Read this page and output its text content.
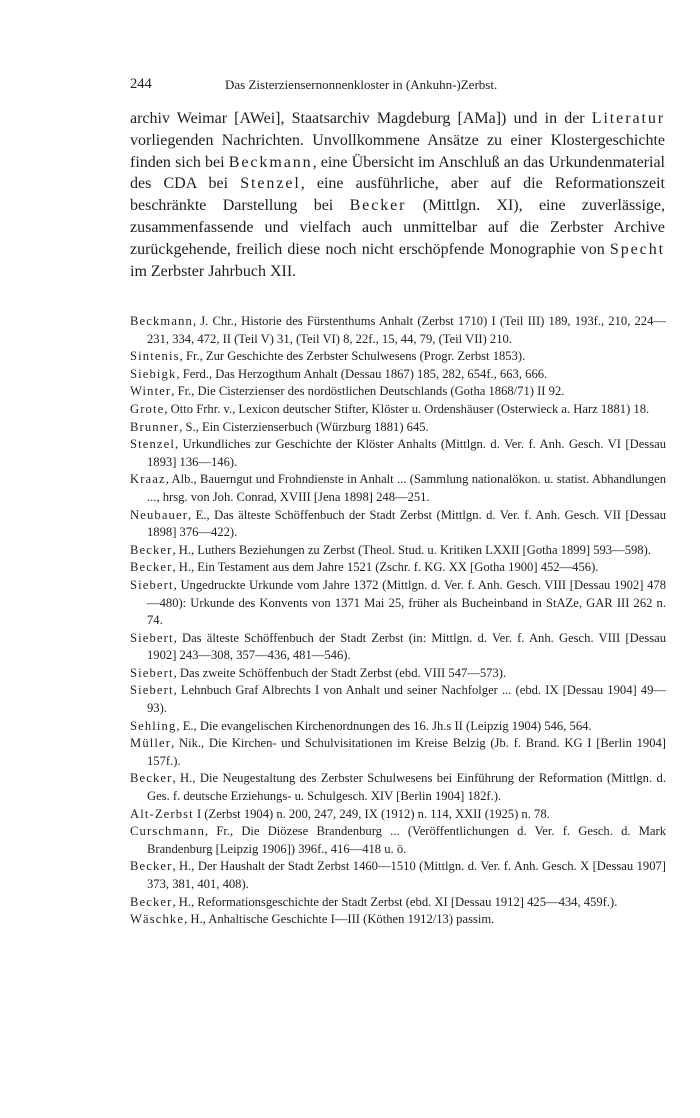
244	Das Zisterziensernonnenkloster in (Ankuhn-)Zerbst.

archiv Weimar [AWei], Staatsarchiv Magdeburg [AMa]) und in der Literatur vorliegenden Nachrichten. Unvollkommene Ansätze zu einer Klostergeschichte finden sich bei Beckmann, eine Übersicht im Anschluß an das Urkundenmaterial des CDA bei Stenzel, eine ausführliche, aber auf die Reformationszeit beschränkte Darstellung bei Becker (Mittlgn. XI), eine zuverlässige, zusammenfassende und vielfach auch unmittelbar auf die Zerbster Archive zurückgehende, freilich diese noch nicht erschöpfende Monographie von Specht im Zerbster Jahrbuch XII.

Beckmann, J. Chr., Historie des Fürstenthums Anhalt (Zerbst 1710) I (Teil III) 189, 193f., 210, 224—231, 334, 472, II (Teil V) 31, (Teil VI) 8, 22f., 15, 44, 79, (Teil VII) 210.
Sintenis, Fr., Zur Geschichte des Zerbster Schulwesens (Progr. Zerbst 1853).
Siebigk, Ferd., Das Herzogthum Anhalt (Dessau 1867) 185, 282, 654f., 663, 666.
Winter, Fr., Die Cisterzienser des nordöstlichen Deutschlands (Gotha 1868/71) II 92.
Grote, Otto Frhr. v., Lexicon deutscher Stifter, Klöster u. Ordenshäuser (Osterwieck a. Harz 1881) 18.
Brunner, S., Ein Cisterzienserbuch (Würzburg 1881) 645.
Stenzel, Urkundliches zur Geschichte der Klöster Anhalts (Mittlgn. d. Ver. f. Anh. Gesch. VI [Dessau 1893] 136—146).
Kraaz, Alb., Bauerngut und Frohndienste in Anhalt ... (Sammlung nationalökon. u. statist. Abhandlungen ..., hrsg. von Joh. Conrad, XVIII [Jena 1898] 248—251.
Neubauer, E., Das älteste Schöffenbuch der Stadt Zerbst (Mittlgn. d. Ver. f. Anh. Gesch. VII [Dessau 1898] 376—422).
Becker, H., Luthers Beziehungen zu Zerbst (Theol. Stud. u. Kritiken LXXII [Gotha 1899] 593—598).
Becker, H., Ein Testament aus dem Jahre 1521 (Zschr. f. KG. XX [Gotha 1900] 452—456).
Siebert, Ungedruckte Urkunde vom Jahre 1372 (Mittlgn. d. Ver. f. Anh. Gesch. VIII [Dessau 1902] 478—480): Urkunde des Konvents von 1371 Mai 25, früher als Bucheinband in StAZe, GAR III 262 n. 74.
Siebert, Das älteste Schöffenbuch der Stadt Zerbst (in: Mittlgn. d. Ver. f. Anh. Gesch. VIII [Dessau 1902] 243—308, 357—436, 481—546).
Siebert, Das zweite Schöffenbuch der Stadt Zerbst (ebd. VIII 547—573).
Siebert, Lehnbuch Graf Albrechts I von Anhalt und seiner Nachfolger ... (ebd. IX [Dessau 1904] 49—93).
Sehling, E., Die evangelischen Kirchenordnungen des 16. Jh.s II (Leipzig 1904) 546, 564.
Müller, Nik., Die Kirchen- und Schulvisitationen im Kreise Belzig (Jb. f. Brand. KG I [Berlin 1904] 157f.).
Becker, H., Die Neugestaltung des Zerbster Schulwesens bei Einführung der Reformation (Mittlgn. d. Ges. f. deutsche Erziehungs- u. Schulgesch. XIV [Berlin 1904] 182f.).
Alt-Zerbst I (Zerbst 1904) n. 200, 247, 249, IX (1912) n. 114, XXII (1925) n. 78.
Curschmann, Fr., Die Diözese Brandenburg ... (Veröffentlichungen d. Ver. f. Gesch. d. Mark Brandenburg [Leipzig 1906]) 396f., 416—418 u. ö.
Becker, H., Der Haushalt der Stadt Zerbst 1460—1510 (Mittlgn. d. Ver. f. Anh. Gesch. X [Dessau 1907] 373, 381, 401, 408).
Becker, H., Reformationsgeschichte der Stadt Zerbst (ebd. XI [Dessau 1912] 425—434, 459f.).
Wäschke, H., Anhaltische Geschichte I—III (Köthen 1912/13) passim.
